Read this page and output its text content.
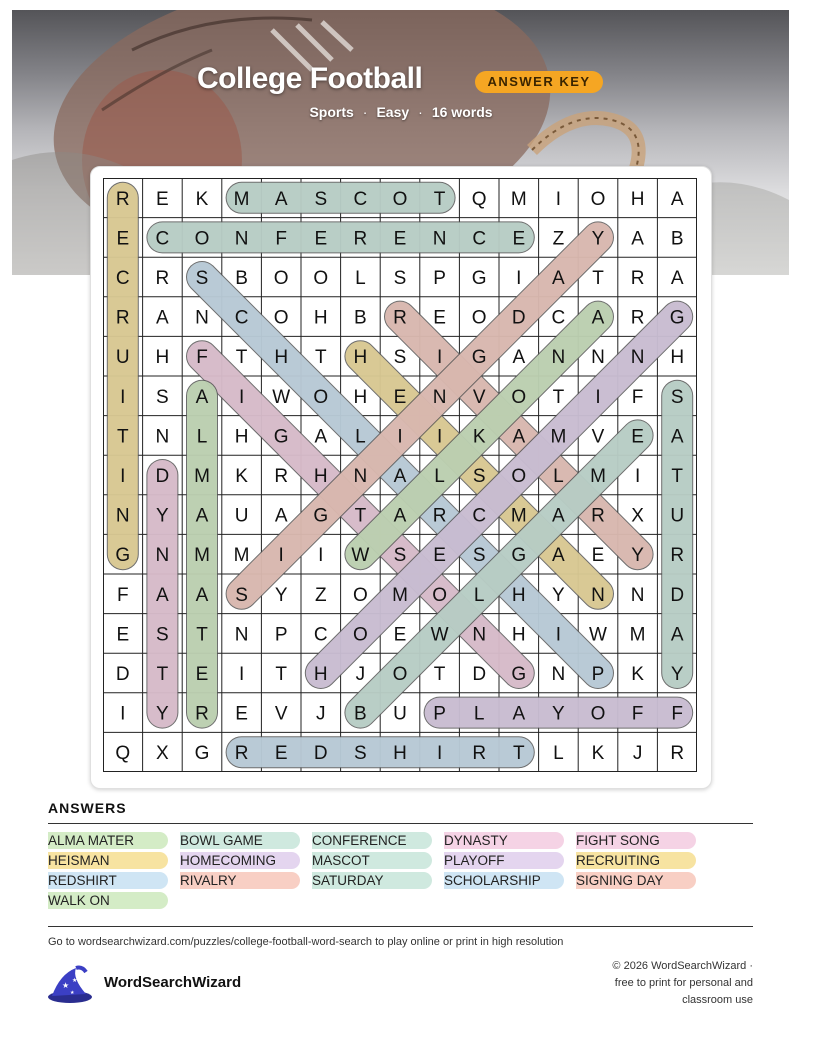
College Football	ANSWER KEY
Sports · Easy · 16 words
R E K M A S C O T Q M I O H A
E C O N F E R E N C E Z Y A B
C R S B O O L S P G I A T R A
R A N C O H B R E O D C A R G
U H F T H T H S I G A N N N H
I S A I W O H E N V O T I F S
T N L H G A L I I K A M V E A
I D M K R H N A L S O L M I T
N Y A U A G T A R C M A R X U
G N M M I I W S E S G A E Y R
F A A S Y Z O M O L H Y N N D
E S T N P C O E W N H I W M A
D T E I T H J O T D G N P K Y
I Y R E V J B U P L A Y O F F
Q X G R E D S H I R T L K J R
ANSWERS
ALMA MATER	BOWL GAME	CONFERENCE	DYNASTY	FIGHT SONG
HEISMAN	HOMECOMING	MASCOT	PLAYOFF	RECRUITING
REDSHIRT	RIVALRY	SATURDAY	SCHOLARSHIP	SIGNING DAY
WALK ON
Go to wordsearchwizard.com/puzzles/college-football-word-search to play online or print in high resolution
★
★
★
WordSearchWizard
© 2026 WordSearchWizard ·
free to print for personal and
classroom use
